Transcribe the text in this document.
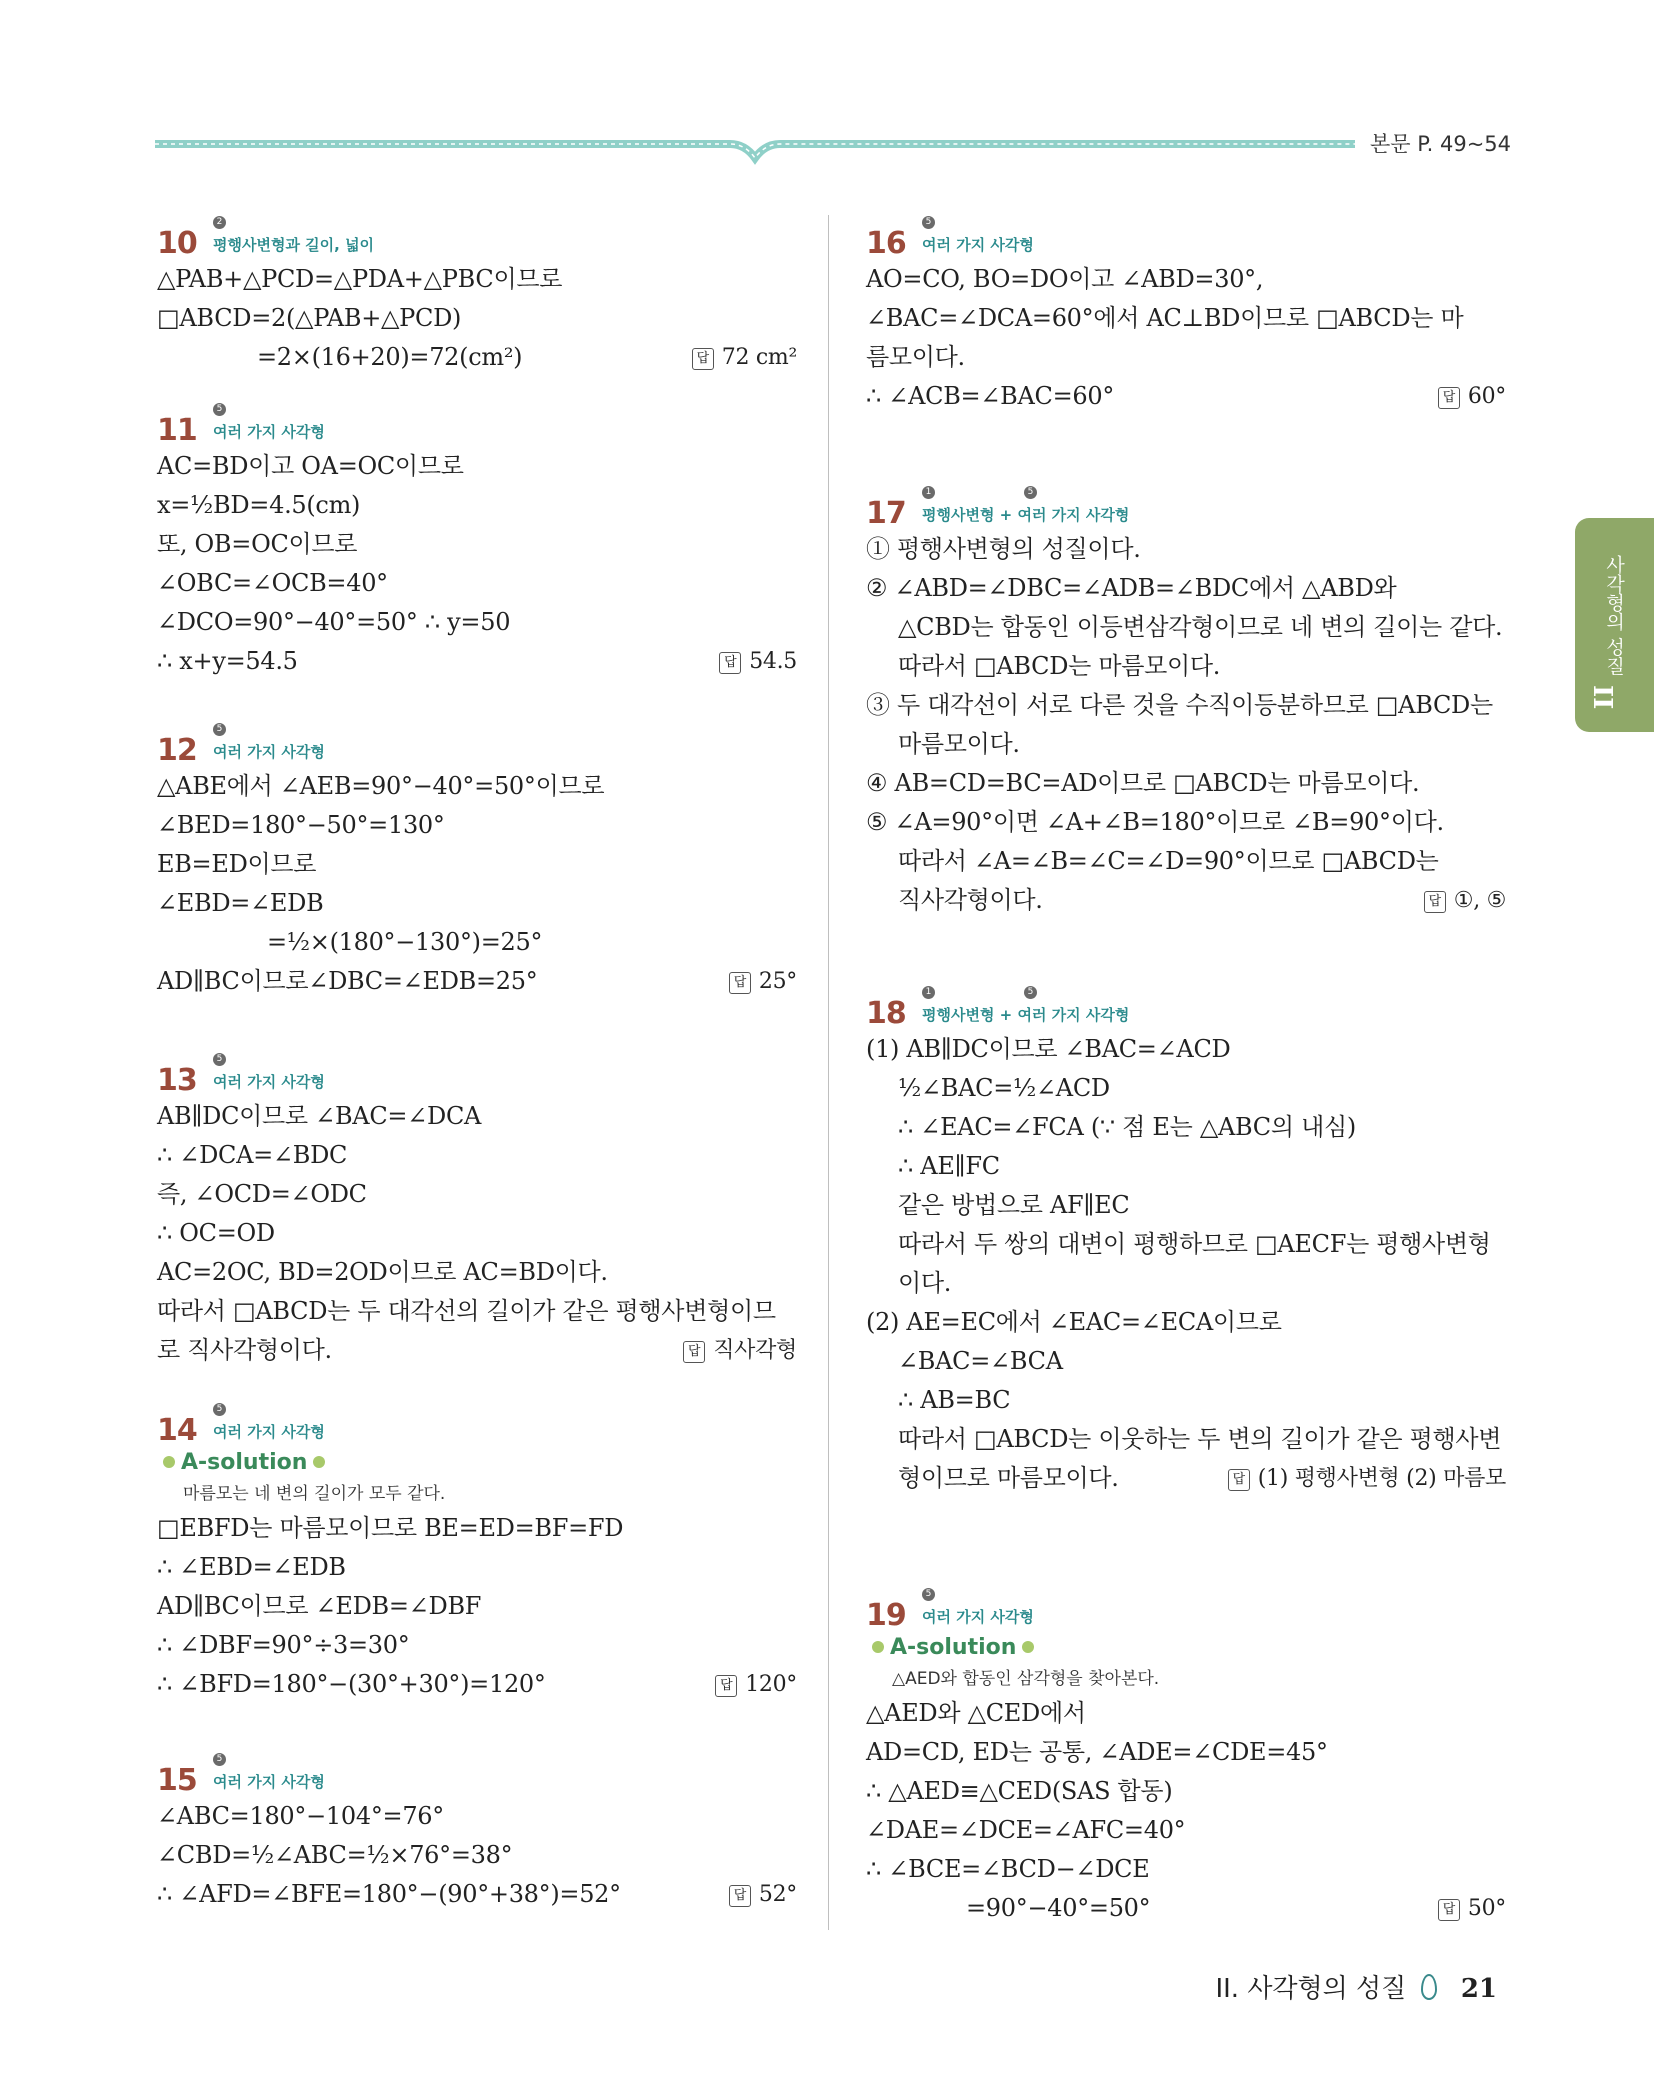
본문 P. 49~54
10
2
평행사변형과 길이, 넓이
△PAB+△PCD=△PDA+△PBC이므로
□ABCD=2(△PAB+△PCD)
=2×(16+20)=72(cm²)	답 72 cm²
11
5
여러 가지 사각형
AC=BD이고 OA=OC이므로
x=½BD=4.5(cm)
또, OB=OC이므로
∠OBC=∠OCB=40°
∠DCO=90°−40°=50° ∴ y=50
∴ x+y=54.5	답 54.5
12
5
여러 가지 사각형
△ABE에서 ∠AEB=90°−40°=50°이므로
∠BED=180°−50°=130°
EB=ED이므로
∠EBD=∠EDB
=½×(180°−130°)=25°
AD∥BC이므로∠DBC=∠EDB=25°	답 25°
13
5
여러 가지 사각형
AB∥DC이므로 ∠BAC=∠DCA
∴ ∠DCA=∠BDC
즉, ∠OCD=∠ODC
∴ OC=OD
AC=2OC, BD=2OD이므로 AC=BD이다.
따라서 □ABCD는 두 대각선의 길이가 같은 평행사변형이므
로 직사각형이다.	답 직사각형
14
5
여러 가지 사각형
A-solution
마름모는 네 변의 길이가 모두 같다.
□EBFD는 마름모이므로 BE=ED=BF=FD
∴ ∠EBD=∠EDB
AD∥BC이므로 ∠EDB=∠DBF
∴ ∠DBF=90°÷3=30°
∴ ∠BFD=180°−(30°+30°)=120°	답 120°
15
5
여러 가지 사각형
∠ABC=180°−104°=76°
∠CBD=½∠ABC=½×76°=38°
∴ ∠AFD=∠BFE=180°−(90°+38°)=52°	답 52°
16
5
여러 가지 사각형
AO=CO, BO=DO이고 ∠ABD=30°,
∠BAC=∠DCA=60°에서 AC⊥BD이므로 □ABCD는 마
름모이다.
∴ ∠ACB=∠BAC=60°	답 60°
17
1	5
평행사변형 + 여러 가지 사각형
① 평행사변형의 성질이다.
② ∠ABD=∠DBC=∠ADB=∠BDC에서 △ABD와
△CBD는 합동인 이등변삼각형이므로 네 변의 길이는 같다.
따라서 □ABCD는 마름모이다.
③ 두 대각선이 서로 다른 것을 수직이등분하므로 □ABCD는
마름모이다.
④ AB=CD=BC=AD이므로 □ABCD는 마름모이다.
⑤ ∠A=90°이면 ∠A+∠B=180°이므로 ∠B=90°이다.
따라서 ∠A=∠B=∠C=∠D=90°이므로 □ABCD는
직사각형이다.	답 ①, ⑤
18
1	5
평행사변형 + 여러 가지 사각형
(1) AB∥DC이므로 ∠BAC=∠ACD
½∠BAC=½∠ACD
∴ ∠EAC=∠FCA (∵ 점 E는 △ABC의 내심)
∴ AE∥FC
같은 방법으로 AF∥EC
따라서 두 쌍의 대변이 평행하므로 □AECF는 평행사변형
이다.
(2) AE=EC에서 ∠EAC=∠ECA이므로
∠BAC=∠BCA
∴ AB=BC
따라서 □ABCD는 이웃하는 두 변의 길이가 같은 평행사변
형이므로 마름모이다.	답 (1) 평행사변형 (2) 마름모
19
5
여러 가지 사각형
A-solution
△AED와 합동인 삼각형을 찾아본다.
△AED와 △CED에서
AD=CD, ED는 공통, ∠ADE=∠CDE=45°
∴ △AED≡△CED(SAS 합동)
∠DAE=∠DCE=∠AFC=40°
∴ ∠BCE=∠BCD−∠DCE
=90°−40°=50°	답 50°
사각형의 성질
II
II. 사각형의 성질 21
